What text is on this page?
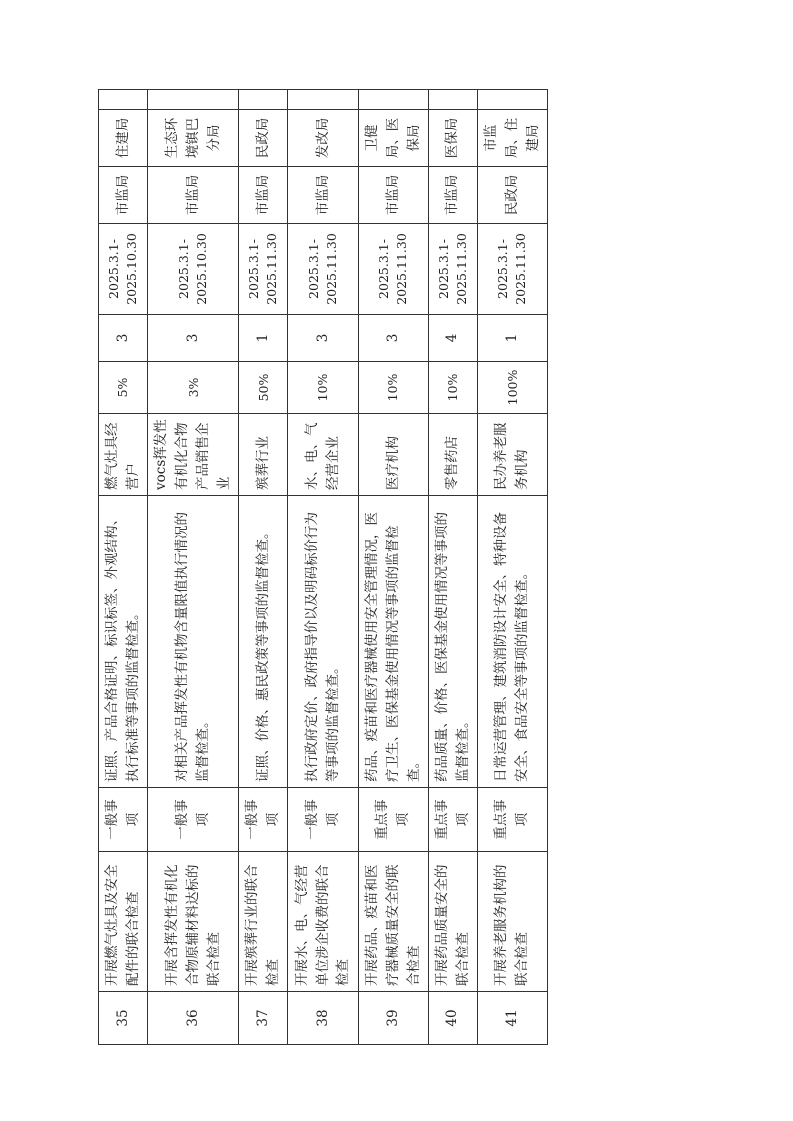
35	开展燃气灶具及安全配件的联合检查	一般事项	证照、产品合格证明、标识标签、外观结构、执行标准等事项的监督检查。	燃气灶具经营户	5%	3	2025.3.1- 2025.10.30	市监局	住建局	
36	开展含挥发性有机化合物原辅材料达标的联合检查	一般事项	对相关产品挥发性有机物含量限值执行情况的监督检查。	vocs挥发性有机化合物产品销售企业	3%	3	2025.3.1- 2025.10.30	市监局	生态环境镇巴分局	
37	开展殡葬行业的联合检查	一般事项	证照、价格、惠民政策等事项的监督检查。	殡葬行业	50%	1	2025.3.1- 2025.11.30	市监局	民政局	
38	开展水、电、气经营单位涉企收费的联合检查	一般事项	执行政府定价、政府指导价以及明码标价行为等事项的监督检查。	水、电、气经营企业	10%	3	2025.3.1- 2025.11.30	市监局	发改局	
39	开展药品、疫苗和医疗器械质量安全的联合检查	重点事项	药品、疫苗和医疗器械使用安全管理情况，医疗卫生、医保基金使用情况等事项的监督检查。	医疗机构	10%	3	2025.3.1- 2025.11.30	市监局	卫健局、医保局	
40	开展药品质量安全的联合检查	重点事项	药品质量、价格、医保基金使用情况等事项的监督检查。	零售药店	10%	4	2025.3.1- 2025.11.30	市监局	医保局	
41	开展养老服务机构的联合检查	重点事项	日常运营管理、建筑消防设计安全、特种设备安全、食品安全等事项的监督检查。	民办养老服务机构	100%	1	2025.3.1- 2025.11.30	民政局	市监局、住建局	
